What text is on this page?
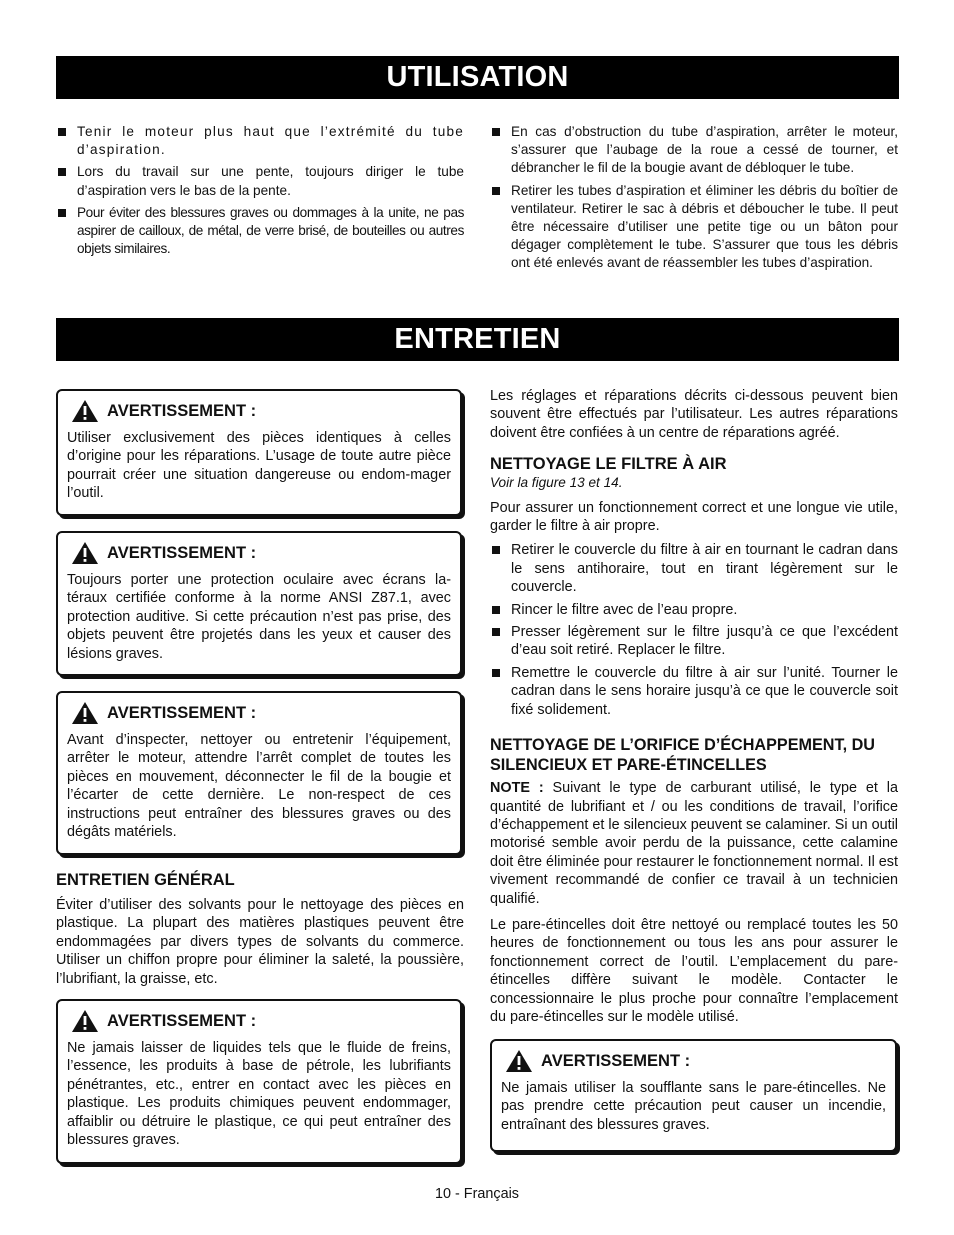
UTILISATION
Tenir le moteur plus haut que l’extrémité du tube d’aspiration.
Lors du travail sur une pente, toujours diriger le tube d’aspiration vers le bas de la pente.
Pour éviter des blessures graves ou dommages à la unite, ne pas aspirer de cailloux, de métal, de verre brisé, de bouteilles ou autres objets similaires.
En cas d’obstruction du tube d’aspiration, arrêter le moteur, s’assurer que l’aubage de la roue a cessé de tourner, et débrancher le fil de la bougie avant de débloquer le tube.
Retirer les tubes d’aspiration et éliminer les débris du boîtier de ventilateur. Retirer le sac à débris et déboucher le tube. Il peut être nécessaire d’utiliser une petite tige ou un bâton pour dégager complètement le tube. S’assurer que tous les débris ont été enlevés avant de réassembler les tubes d’aspiration.
ENTRETIEN
AVERTISSEMENT :
Utiliser exclusivement des pièces identiques à celles d’origine pour les réparations. L’usage de toute autre pièce pourrait créer une situation dangereuse ou endom-mager l’outil.
AVERTISSEMENT :
Toujours porter une protection oculaire avec écrans la-téraux certifiée conforme à la norme ANSI Z87.1, avec protection auditive. Si cette précaution n’est pas prise, des objets peuvent être projetés dans les yeux et causer des lésions graves.
AVERTISSEMENT :
Avant d’inspecter, nettoyer ou entretenir l’équipement, arrêter le moteur, attendre l’arrêt complet de toutes les pièces en mouvement, déconnecter le fil de la bougie et l’écarter de cette dernière. Le non-respect de ces instructions peut entraîner des blessures graves ou des dégâts matériels.
ENTRETIEN GÉNÉRAL

Éviter d’utiliser des solvants pour le nettoyage des pièces en plastique. La plupart des matières plastiques peuvent être endommagées par divers types de solvants du commerce. Utiliser un chiffon propre pour éliminer la saleté, la poussière, l’lubrifiant, la graisse, etc.

AVERTISSEMENT :
Ne jamais laisser de liquides tels que le fluide de freins, l’essence, les produits à base de pétrole, les lubrifiants pénétrantes, etc., entrer en contact avec les pièces en plastique. Les produits chimiques peuvent endommager, affaiblir ou détruire le plastique, ce qui peut entraîner des blessures graves.

Les réglages et réparations décrits ci-dessous peuvent bien souvent être effectués par l’utilisateur. Les autres réparations doivent être confiées à un centre de réparations agréé.

NETTOYAGE LE FILTRE À AIR
Voir la figure 13 et 14.

Pour assurer un fonctionnement correct et une longue vie utile, garder le filtre à air propre.

Retirer le couvercle du filtre à air en tournant le cadran dans le sens antihoraire, tout en tirant légèrement sur le couvercle.
Rincer le filtre avec de l’eau propre.
Presser légèrement sur le filtre jusqu’à ce que l’excédent d’eau soit retiré. Replacer le filtre.
Remettre le couvercle du filtre à air sur l’unité. Tourner le cadran dans le sens horaire jusqu’à ce que le couvercle soit fixé solidement.
NETTOYAGE DE L’ORIFICE D’ÉCHAPPEMENT, DU SILENCIEUX ET PARE-ÉTINCELLES

NOTE : Suivant le type de carburant utilisé, le type et la quantité de lubrifiant et / ou les conditions de travail, l’orifice d’échappement et le silencieux peuvent se calaminer. Si un outil motorisé semble avoir perdu de la puissance, cette calamine doit être éliminée pour restaurer le fonctionnement normal. Il est vivement recommandé de confier ce travail à un technicien qualifié.

Le pare-étincelles doit être nettoyé ou remplacé toutes les 50 heures de fonctionnement ou tous les ans pour assurer le fonctionnement correct de l’outil. L’emplacement du pare-étincelles diffère suivant le modèle. Contacter le concessionnaire le plus proche pour connaître l’emplacement du pare-étincelles sur le modèle utilisé.

AVERTISSEMENT :
Ne jamais utiliser la soufflante sans le pare-étincelles. Ne pas prendre cette précaution peut causer un incendie, entraînant des blessures graves.
10 - Français
